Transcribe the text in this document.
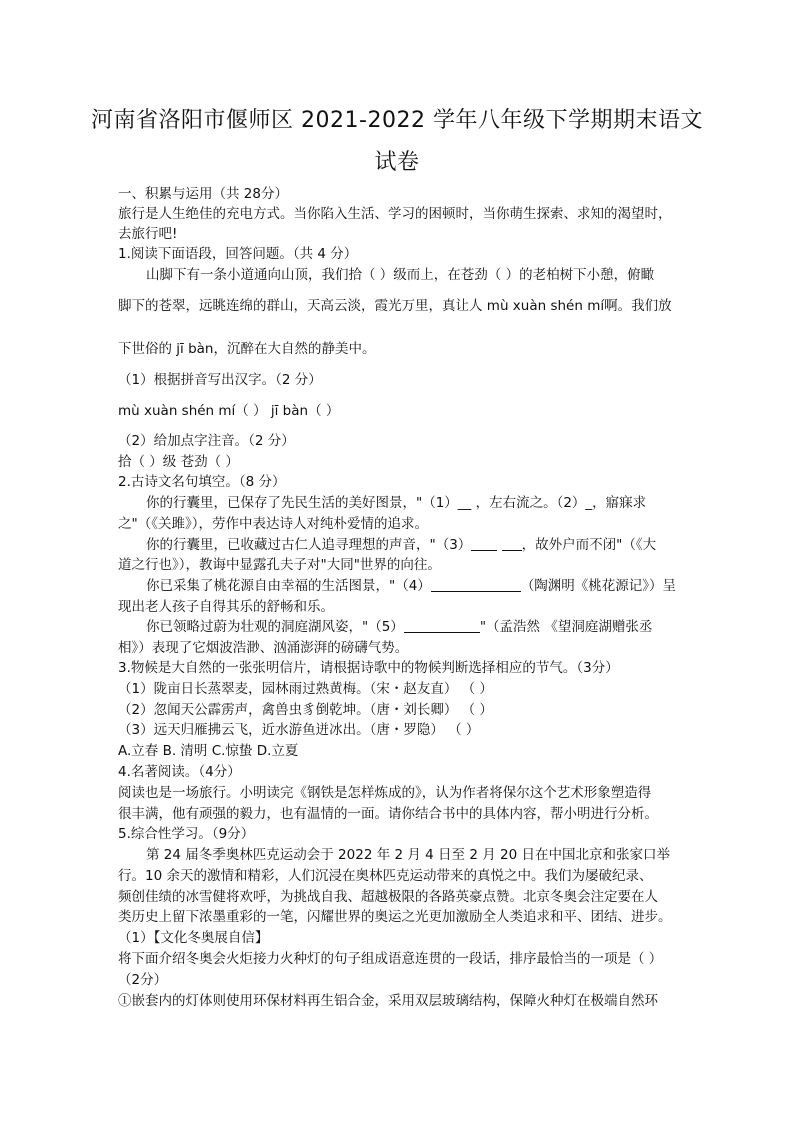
河南省洛阳市偃师区 2021-2022 学年八年级下学期期末语文
试卷
一、积累与运用（共 28分）
旅行是人生绝佳的充电方式。当你陷入生活、学习的困顿时，当你萌生探索、求知的渴望时，
去旅行吧!
1.阅读下面语段，回答问题。（共 4 分）
山脚下有一条小道通向山顶，我们拾（ ）级而上，在苍劲（ ）的老柏树下小憩，俯瞰
脚下的苍翠，远眺连绵的群山，天高云淡，霞光万里，真让人 mù xuàn shén mí啊。我们放
下世俗的 jī bàn，沉醉在大自然的静美中。
（1）根据拼音写出汉字。（2 分）
mù xuàn shén mí（ ） jī bàn（ ）
（2）给加点字注音。（2 分）
拾（ ）级 苍劲（ ）
2.古诗文名句填空。（8 分）
你的行囊里，已保存了先民生活的美好图景，"（1）__ ，左右流之。（2）_，寤寐求
之"（《关雎》），劳作中表达诗人对纯朴爱情的追求。
你的行囊里，已收藏过古仁人追寻理想的声音，"（3）	，故外户而不闭"（《大
道之行也》），教诲中显露孔夫子对"大同"世界的向往。
你已采集了桃花源自由幸福的生活图景，"（4）	（陶渊明《桃花源记》）呈
现出老人孩子自得其乐的舒畅和乐。
你已领略过蔚为壮观的洞庭湖风姿，"（5）	"（孟浩然 《望洞庭湖赠张丞
相》）表现了它烟波浩渺、汹涌澎湃的磅礴气势。
3.物候是大自然的一张张明信片，请根据诗歌中的物候判断选择相应的节气。（3分）
（1）陇亩日长蒸翠麦，园林雨过熟黄梅。（宋・赵友直） （ ）
（2）忽闻天公霹雳声，禽兽虫豸倒乾坤。（唐・刘长卿） （ ）
（3）远天归雁拂云飞，近水游鱼迸冰出。（唐・罗隐） （ ）
A.立春 B. 清明 C.惊蛰 D.立夏
4.名著阅读。（4分）
阅读也是一场旅行。小明读完《钢铁是怎样炼成的》，认为作者将保尔这个艺术形象塑造得
很丰满，他有顽强的毅力，也有温情的一面。请你结合书中的具体内容，帮小明进行分析。
5.综合性学习。（9分）
第 24 届冬季奥林匹克运动会于 2022 年 2 月 4 日至 2 月 20 日在中国北京和张家口举
行。10 余天的激情和精彩，人们沉浸在奥林匹克运动带来的真悦之中。我们为屡破纪录、
频创佳绩的冰雪健将欢呼，为挑战自我、超越极限的各路英豪点赞。北京冬奥会注定要在人
类历史上留下浓墨重彩的一笔，闪耀世界的奥运之光更加激励全人类追求和平、团结、进步。
（1）【文化冬奥展自信】
将下面介绍冬奥会火炬接力火种灯的句子组成语意连贯的一段话，排序最恰当的一项是（ ）
（2分）
①嵌套内的灯体则使用环保材料再生铝合金，采用双层玻璃结构，保障火种灯在极端自然环
